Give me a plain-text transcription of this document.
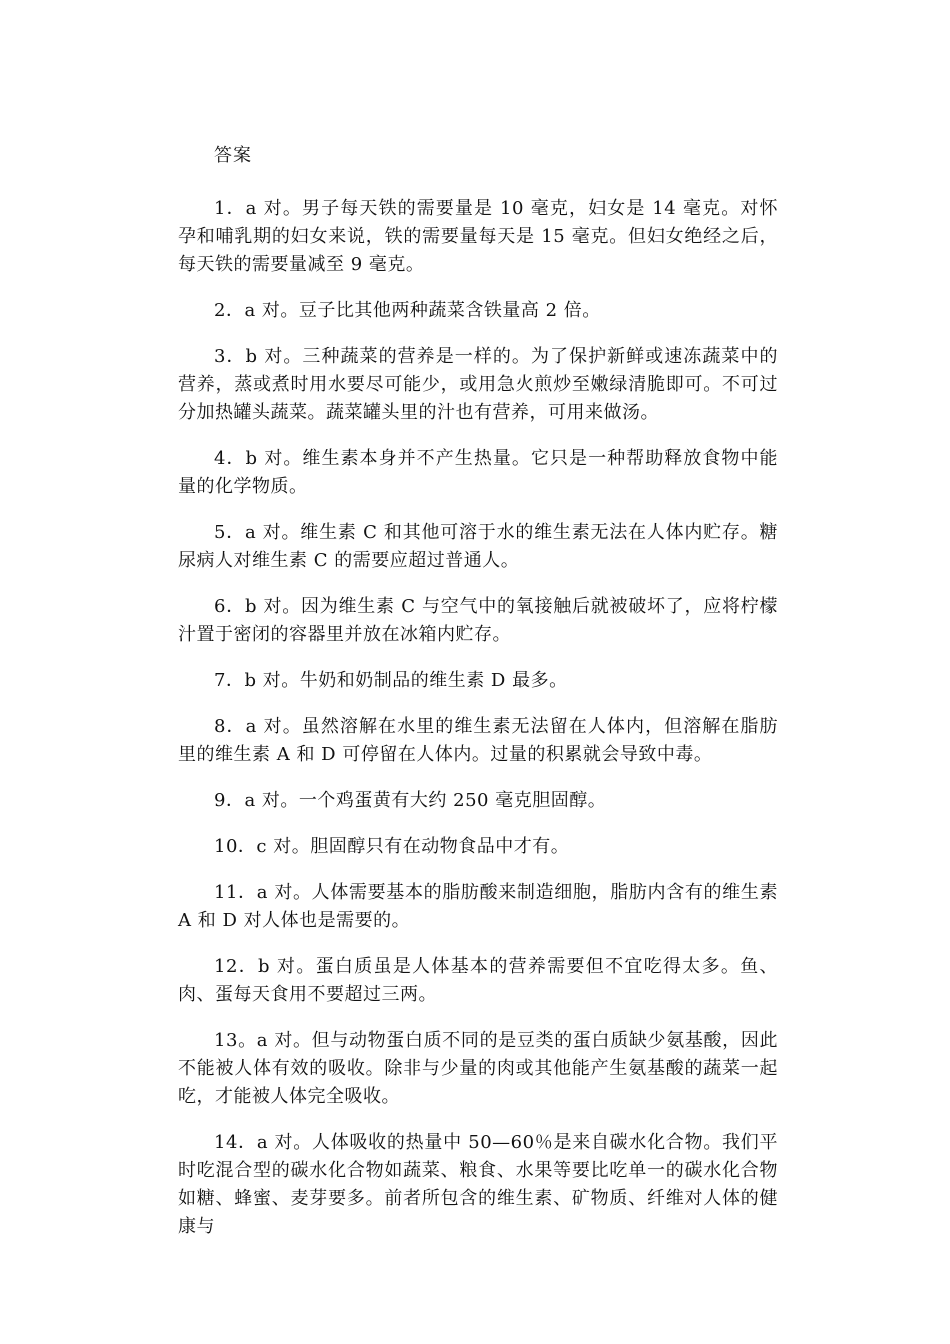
答案

1．a 对。男子每天铁的需要量是 10 毫克，妇女是 14 毫克。对怀孕和哺乳期的妇女来说，铁的需要量每天是 15 毫克。但妇女绝经之后，每天铁的需要量减至 9 毫克。

2．a 对。豆子比其他两种蔬菜含铁量高 2 倍。

3．b 对。三种蔬菜的营养是一样的。为了保护新鲜或速冻蔬菜中的营养，蒸或煮时用水要尽可能少，或用急火煎炒至嫩绿清脆即可。不可过分加热罐头蔬菜。蔬菜罐头里的汁也有营养，可用来做汤。

4．b 对。维生素本身并不产生热量。它只是一种帮助释放食物中能量的化学物质。

5．a 对。维生素 C 和其他可溶于水的维生素无法在人体内贮存。糖尿病人对维生素 C 的需要应超过普通人。

6．b 对。因为维生素 C 与空气中的氧接触后就被破坏了，应将柠檬汁置于密闭的容器里并放在冰箱内贮存。

7．b 对。牛奶和奶制品的维生素 D 最多。

8．a 对。虽然溶解在水里的维生素无法留在人体内，但溶解在脂肪里的维生素 A 和 D 可停留在人体内。过量的积累就会导致中毒。

9．a 对。一个鸡蛋黄有大约 250 毫克胆固醇。

10．c 对。胆固醇只有在动物食品中才有。

11．a 对。人体需要基本的脂肪酸来制造细胞，脂肪内含有的维生素 A 和 D 对人体也是需要的。

12．b 对。蛋白质虽是人体基本的营养需要但不宜吃得太多。鱼、肉、蛋每天食用不要超过三两。

13。a 对。但与动物蛋白质不同的是豆类的蛋白质缺少氨基酸，因此不能被人体有效的吸收。除非与少量的肉或其他能产生氨基酸的蔬菜一起吃，才能被人体完全吸收。

14．a 对。人体吸收的热量中 50—60％是来自碳水化合物。我们平时吃混合型的碳水化合物如蔬菜、粮食、水果等要比吃单一的碳水化合物如糖、蜂蜜、麦芽要多。前者所包含的维生素、矿物质、纤维对人体的健康与
